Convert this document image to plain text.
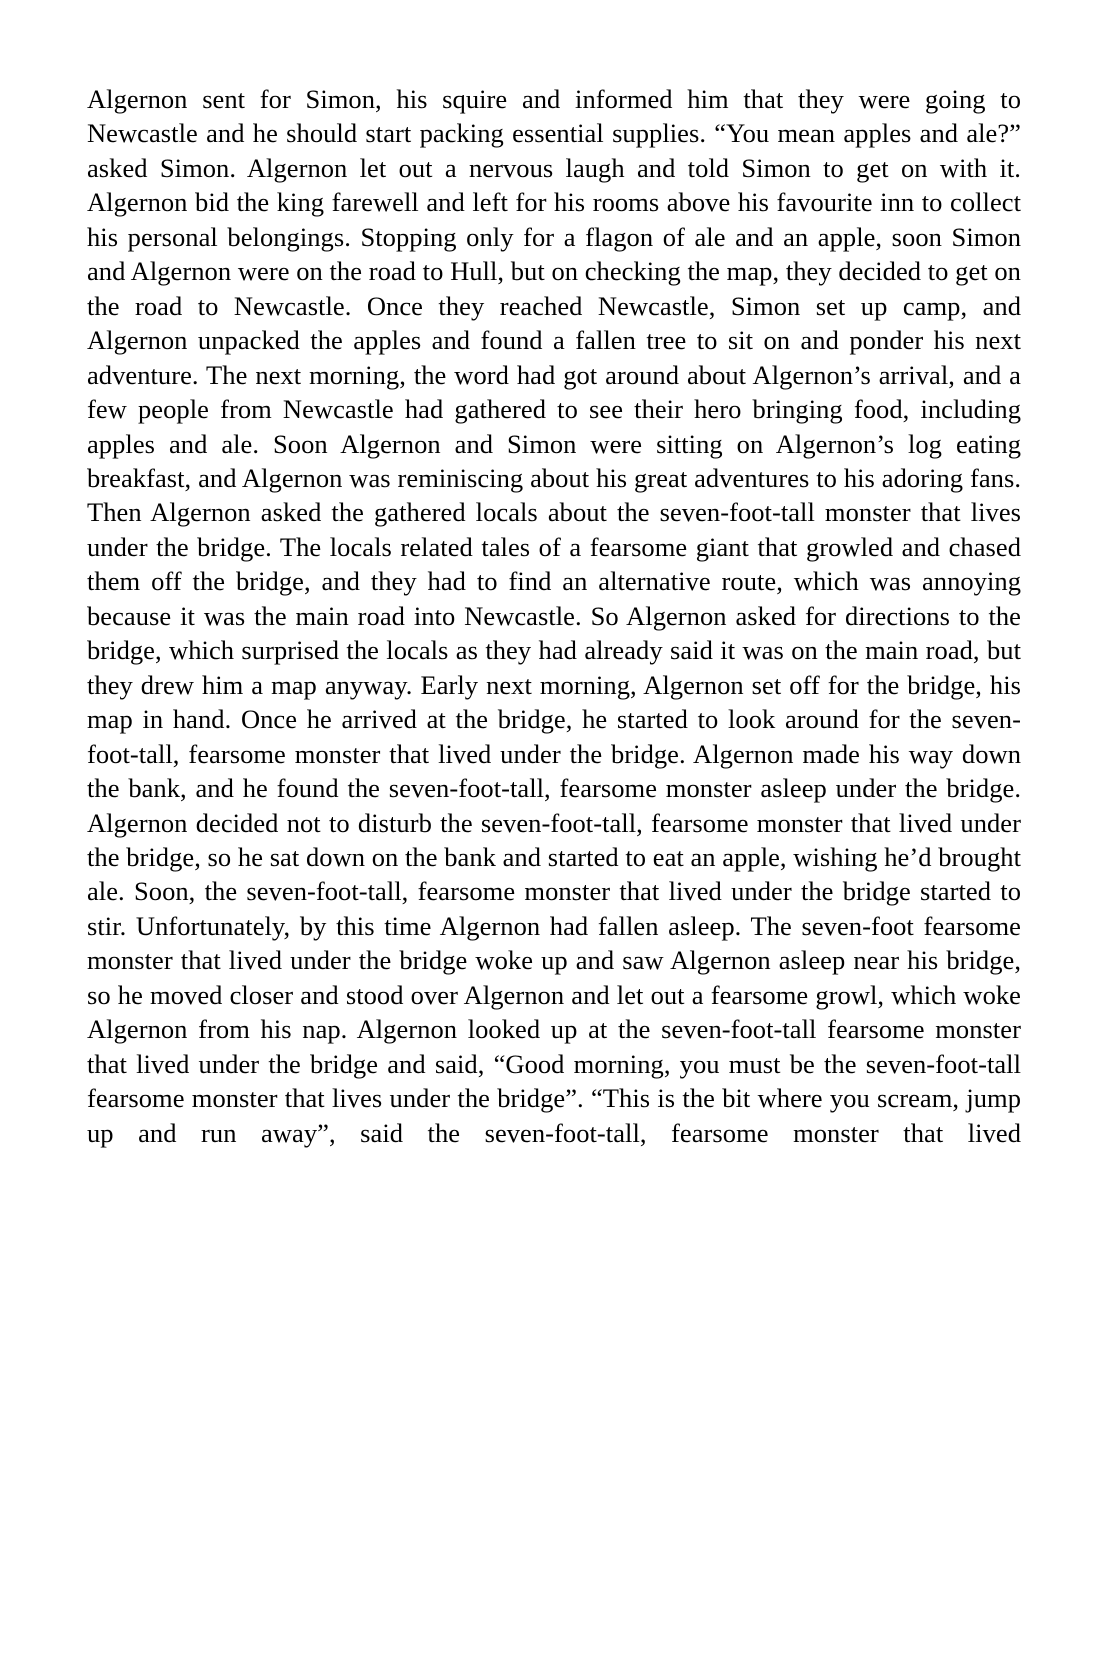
Algernon sent for Simon, his squire and informed him that they were going to Newcastle and he should start packing essential supplies. “You mean apples and ale?” asked Simon. Algernon let out a nervous laugh and told Simon to get on with it. Algernon bid the king farewell and left for his rooms above his favourite inn to collect his personal belongings. Stopping only for a flagon of ale and an apple, soon Simon and Algernon were on the road to Hull, but on checking the map, they decided to get on the road to Newcastle. Once they reached Newcastle, Simon set up camp, and Algernon unpacked the apples and found a fallen tree to sit on and ponder his next adventure. The next morning, the word had got around about Algernon’s arrival, and a few people from Newcastle had gathered to see their hero bringing food, including apples and ale. Soon Algernon and Simon were sitting on Algernon’s log eating breakfast, and Algernon was reminiscing about his great adventures to his adoring fans. Then Algernon asked the gathered locals about the seven-foot-tall monster that lives under the bridge. The locals related tales of a fearsome giant that growled and chased them off the bridge, and they had to find an alternative route, which was annoying because it was the main road into Newcastle. So Algernon asked for directions to the bridge, which surprised the locals as they had already said it was on the main road, but they drew him a map anyway. Early next morning, Algernon set off for the bridge, his map in hand. Once he arrived at the bridge, he started to look around for the seven-foot-tall, fearsome monster that lived under the bridge. Algernon made his way down the bank, and he found the seven-foot-tall, fearsome monster asleep under the bridge. Algernon decided not to disturb the seven-foot-tall, fearsome monster that lived under the bridge, so he sat down on the bank and started to eat an apple, wishing he’d brought ale. Soon, the seven-foot-tall, fearsome monster that lived under the bridge started to stir. Unfortunately, by this time Algernon had fallen asleep. The seven-foot fearsome monster that lived under the bridge woke up and saw Algernon asleep near his bridge, so he moved closer and stood over Algernon and let out a fearsome growl, which woke Algernon from his nap. Algernon looked up at the seven-foot-tall fearsome monster that lived under the bridge and said, “Good morning, you must be the seven-foot-tall fearsome monster that lives under the bridge”. “This is the bit where you scream, jump up and run away”, said the seven-foot-tall, fearsome monster that lived
